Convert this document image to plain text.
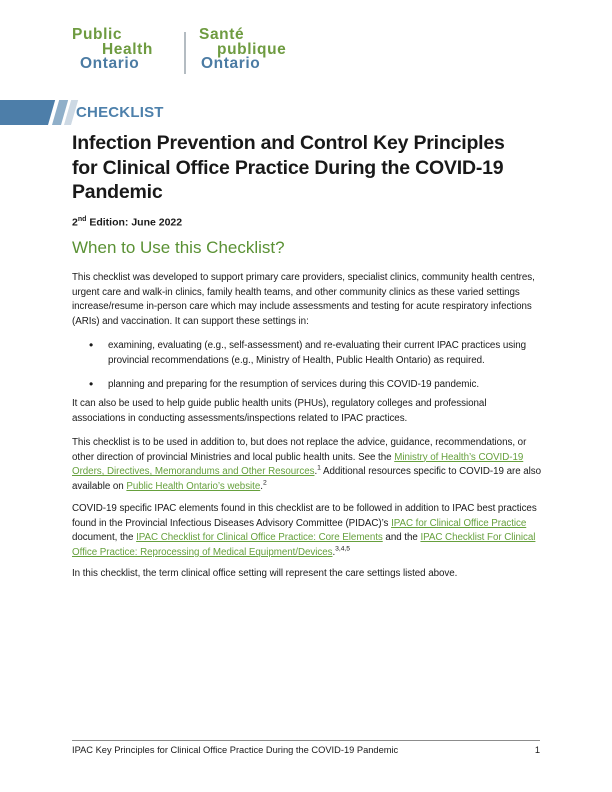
Public
Health
Ontario
Santé
publique
Ontario
CHECKLIST
Infection Prevention and Control Key Principles
for Clinical Office Practice During the COVID-19
Pandemic
2nd Edition: June 2022
When to Use this Checklist?
This checklist was developed to support primary care providers, specialist clinics, community health centres, urgent care and walk-in clinics, family health teams, and other community clinics as these varied settings increase/resume in-person care which may include assessments and testing for acute respiratory infections (ARIs) and vaccination. It can support these settings in:
• examining, evaluating (e.g., self-assessment) and re-evaluating their current IPAC practices using provincial recommendations (e.g., Ministry of Health, Public Health Ontario) as required.
• planning and preparing for the resumption of services during this COVID-19 pandemic.
It can also be used to help guide public health units (PHUs), regulatory colleges and professional associations in conducting assessments/inspections related to IPAC practices.
This checklist is to be used in addition to, but does not replace the advice, guidance, recommendations, or other direction of provincial Ministries and local public health units. See the Ministry of Health’s COVID-19 Orders, Directives, Memorandums and Other Resources.$^1$ Additional resources specific to COVID-19 are also available on Public Health Ontario’s website.$^2$
COVID-19 specific IPAC elements found in this checklist are to be followed in addition to IPAC best practices found in the Provincial Infectious Diseases Advisory Committee (PIDAC)’s IPAC for Clinical Office Practice document, the IPAC Checklist for Clinical Office Practice: Core Elements and the IPAC Checklist For Clinical Office Practice: Reprocessing of Medical Equipment/Devices.$^{3,4,5}$
In this checklist, the term clinical office setting will represent the care settings listed above.
IPAC Key Principles for Clinical Office Practice During the COVID-19 Pandemic	1
